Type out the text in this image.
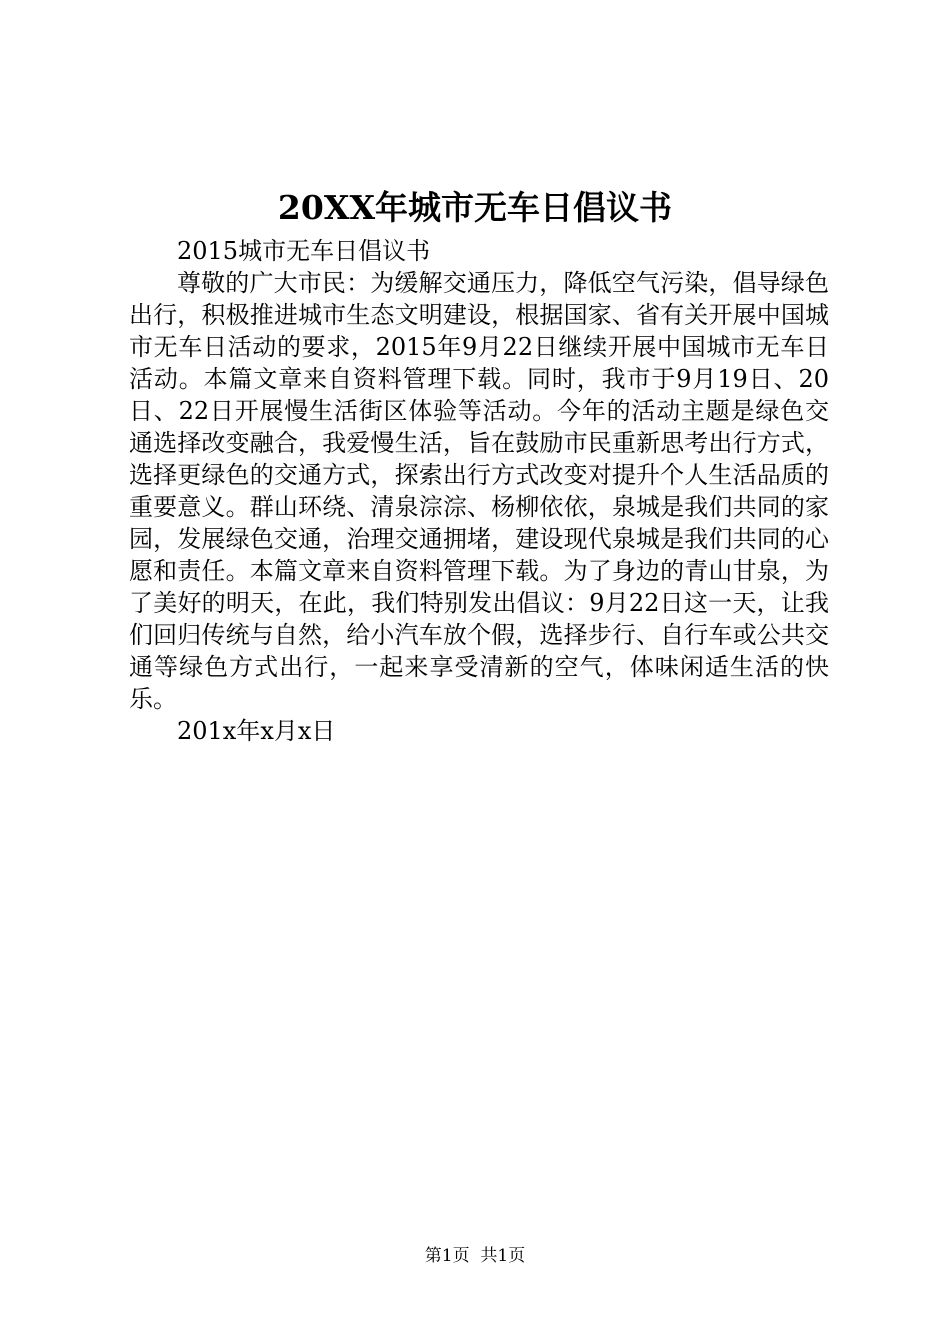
20XX年城市无车日倡议书

2015城市无车日倡议书

尊敬的广大市民：为缓解交通压力，降低空气污染，倡导绿色出行，积极推进城市生态文明建设，根据国家、省有关开展中国城市无车日活动的要求，2015年9月22日继续开展中国城市无车日活动。本篇文章来自资料管理下载。同时，我市于9月19日、20日、22日开展慢生活街区体验等活动。今年的活动主题是绿色交通选择改变融合，我爱慢生活，旨在鼓励市民重新思考出行方式，选择更绿色的交通方式，探索出行方式改变对提升个人生活品质的重要意义。群山环绕、清泉淙淙、杨柳依依，泉城是我们共同的家园，发展绿色交通，治理交通拥堵，建设现代泉城是我们共同的心愿和责任。本篇文章来自资料管理下载。为了身边的青山甘泉，为了美好的明天，在此，我们特别发出倡议：9月22日这一天，让我们回归传统与自然，给小汽车放个假，选择步行、自行车或公共交通等绿色方式出行，一起来享受清新的空气，体味闲适生活的快乐。

201x年x月x日

第1页  共1页
